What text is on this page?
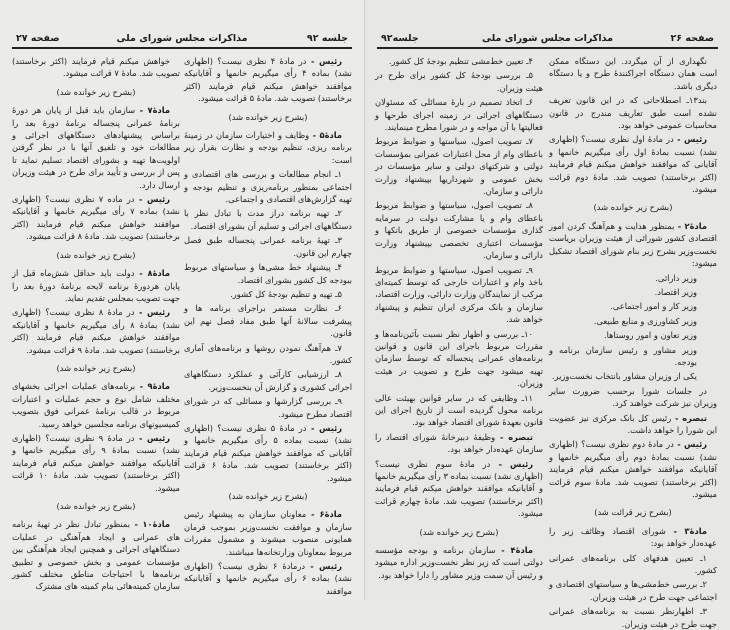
صفحه ۲۷	مذاکرات مجلس شورای ملی	جلسه ۹۲

رئیس - در مادهٔ ۴ نظری نیست؟ (اظهاری نشد) بماده ۴ رأی میگیریم خانمها و آقایانیکه موافقند خواهش میکنم قیام فرمایند (اکثر برخاستند) تصویب شد. مادهٔ ۵ قرائت میشود.

(بشرح زیر خوانده شد)

مادهٔ۵ - وظایف و اختیارات سازمان در زمینهٔ برنامه ریزی، تنظیم بودجه و نظارت بقرار زیر است:

۱ـ انجام مطالعات و بررسی های اقتصادی و اجتماعی بمنظور برنامه‌ریزی و تنظیم بودجه و تهیه گزارش‌های اقتصادی و اجتماعی.

۲ـ تهیه برنامه دراز مدت با تبادل نظر با دستگاههای اجرائی و تسلیم آن بشورای اقتصاد.

۳ـ تهیهٔ برنامه عمرانی پنجساله طبق فصل چهارم این قانون.

۴ـ پیشنهاد خط مشی‌ها و سیاستهای مربوط ببودجه کل کشور بشورای اقتصاد.

۵ـ تهیه و تنظیم بودجهٔ کل کشور.

۶ـ نظارت مستمر براجرای برنامه ها و پیشرفت سالانهٔ آنها طبق مفاد فصل نهم این قانون.

۷ـ هم‌آهنگ نمودن روشها و برنامه‌های آماری کشور.

۸ـ ارزشیابی کارآئی و عملکرد دستگاههای اجرائی کشوری و گزارش آن بنخست‌وزیر.

۹ـ بررسی گزارشها و مسائلی که در شورای اقتصاد مطرح میشود.

رئیس - در مادهٔ ۵ نظری نیست؟ (اظهاری نشد) نسبت بماده ۵ رأی میگیریم خانمها و آقایانی که موافقند خواهش میکنم قیام فرمایند (اکثر برخاستند) تصویب شد. مادهٔ ۶ قرائت میشود.

(بشرح زیر خوانده شد)

مادهٔ۶ - معاونان سازمان به پیشنهاد رئیس سازمان و موافقت نخست‌وزیر بموجب فرمان همایونی منصوب میشوند و مشمول مقررات مربوط بمعاونان وزارتخانه‌ها میباشند.

رئیس - درمادهٔ ۶ نظری نیست؟ (اظهاری نشد) بماده ۶ رأی میگیریم خانمها و آقایانیکه موافقند

خواهش میکنم قیام فرمایند (اکثر برخاستند) تصویب شد. مادهٔ ۷ قرائت میشود.

(بشرح زیر خوانده شد)

مادهٔ۷ - سازمان باید قبل از پایان هر دورهٔ برنامهٔ عمرانی پنجساله برنامهٔ دورهٔ بعد را براساس پیشنهادهای دستگاههای اجرائی و مطالعات خود و تلفیق آنها با در نظر گرفتن اولویت‌ها تهیه و بشورای اقتصاد تسلیم نماید تا پس از بررسی و تأیید برای طرح در هیئت وزیران ارسال دارد.

رئیس - در ماده ۷ نظری نیست؟ (اظهاری نشد) بماده ۷ رأی میگیریم خانمها و آقایانیکه موافقند خواهش میکنم قیام فرمایند (اکثر برخاستند) تصویب شد. مادهٔ ۸ قرائت میشود.

(بشرح زیر خوانده شد)

مادهٔ۸ - دولت باید حداقل شش‌ماه قبل از پایان هردورهٔ برنامه لایحه برنامهٔ دورهٔ بعد را جهت تصویب بمجلس تقدیم نماید.

رئیس - در مادهٔ ۸ نظری نیست؟ (اظهاری نشد) بمادهٔ ۸ رأی میگیریم خانمها و آقایانیکه موافقند خواهش میکنم قیام فرمایند (اکثر برخاستند) تصویب شد. مادهٔ ۹ قرائت میشود.

(بشرح زیر خوانده شد)

مادهٔ۹ - برنامه‌های عملیات اجرائی بخشهای مختلف شامل نوع و حجم عملیات و اعتبارات مربوط در قالب برنامهٔ عمرانی فوق بتصویب کمیسیونهای برنامه مجلسین خواهد رسید.

رئیس - در مادهٔ ۹ نظری نیست؟ (اظهاری نشد) نسبت بمادهٔ ۹ رأی میگیریم خانمها و آقایانیکه موافقند خواهش میکنم قیام فرمایند (اکثر برخاستند) تصویب شد. مادهٔ ۱۰ قرائت میشود.

(بشرح زیر خوانده شد)

مادهٔ۱۰ - بمنظور تبادل نظر در تهیهٔ برنامه های عمرانی و ایجاد هم‌آهنگی در عملیات دستگاههای اجرائی و همچنین ایجاد هم‌آهنگی بین مؤسسات عمومی و بخش خصوصی و تطبیق برنامه‌ها با احتیاجات مناطق مختلف کشور سازمان کمیته‌هائی بنام کمیته های مشترک

جلسه۹۲	مذاکرات مجلس شورای ملی	صفحه ۲۶

نگهداری از آن میگردد. این دستگاه ممکن است همان دستگاه اجراکنندهٔ طرح و یا دستگاه دیگری باشد.

بند۱۳ـ اصطلاحاتی که در این قانون تعریف نشده است طبق تعاریف مندرج در قانون محاسبات عمومی خواهد بود.

رئیس - در مادهٔ اول نظری نیست؟ (اظهاری نشد) نسبت بمادهٔ اول رأی میگیریم خانمها و آقایانی که موافقند خواهش میکنم قیام فرمایند (اکثر برخاستند) تصویب شد. مادهٔ دوم قرائت میشود.

(بشرح زیر خوانده شد)

مادهٔ۲ - بمنظور هدایت و هم‌آهنگ کردن امور اقتصادی کشور شورائی از هیئت وزیران بریاست نخست‌وزیر بشرح زیر بنام شورای اقتصاد تشکیل میشود:

وزیر دارائی.

وزیر اقتصاد.

وزیر کار و امور اجتماعی.

وزیر کشاورزی و منابع طبیعی.

وزیر تعاون و امور روستاها.

وزیر مشاور و رئیس سازمان برنامه و بودجه.

یکی از وزیران مشاور بانتخاب نخست‌وزیر.

در جلسات شورا برحسب ضرورت سایر وزیران نیز شرکت خواهند کرد.

تبصره - رئیس کل بانک مرکزی نیز عضویت این شورا را خواهد داشت.

رئیس - در مادهٔ دوم نظری نیست؟ (اظهاری نشد) نسبت بمادهٔ دوم رأی میگیریم خانمها و آقایانیکه موافقند خواهش میکنم قیام فرمایند (اکثر برخاستند) تصویب شد. مادهٔ سوم قرائت میشود.

(بشرح زیر قرائت شد)

مادهٔ۳ - شورای اقتصاد وظائف زیر را عهده‌دار خواهد بود:

۱ـ تعیین هدفهای کلی برنامه‌های عمرانی کشور.

۲ـ بررسی خط‌مشی‌ها و سیاستهای اقتصادی و اجتماعی جهت طرح در هیئت وزیران.

۳ـ اظهارنظر نسبت به برنامه‌های عمرانی جهت طرح در هیئت وزیران.

۴ـ تعیین خط‌مشی تنظیم بودجهٔ کل کشور.

۵ـ بررسی بودجهٔ کل کشور برای طرح در هیئت وزیران.

۶ـ اتخاذ تصمیم در بارهٔ مسائلی که مسئولان دستگاههای اجرائی در زمینه اجرای طرحها و فعالیتها با آن مواجه و در شورا مطرح مینمایند.

۷ـ تصویب اصول، سیاستها و ضوابط مربوط باعطای وام از محل اعتبارات عمرانی بمؤسسات دولتی و شرکتهای دولتی و سایر مؤسسات در بخش عمومی و شهرداریها بپیشنهاد وزارت دارائی و سازمان.

۸ـ تصویب اصول، سیاستها و ضوابط مربوط باعطای وام و یا مشارکت دولت در سرمایه گذاری مؤسسات خصوصی از طریق بانکها و مؤسسات اعتباری تخصصی بپیشنهاد وزارت دارائی و سازمان.

۹ـ تصویب اصول، سیاستها و ضوابط مربوط باخذ وام و اعتبارات خارجی که توسط کمیته‌ای مرکب از نمایندگان وزارت دارائی، وزارت اقتصاد، سازمان و بانک مرکزی ایران تنظیم و پیشنهاد خواهد شد.

۱۰ـ بررسی و اظهار نظر نسبت بآئین‌نامه‌ها و مقررات مربوط باجرای این قانون و قوانین برنامه‌های عمرانی پنجساله که توسط سازمان تهیه میشود جهت طرح و تصویب در هیئت وزیران.

۱۱ـ وظایفی که در سایر قوانین بهیئت عالی برنامه محول گردیده است از تاریخ اجرای این قانون بعهدهٔ شورای اقتصاد خواهد بود.

تبصره - وظیفهٔ دبیرخانهٔ شورای اقتصاد را سازمان عهده‌دار خواهد بود.

رئیس - در مادهٔ سوم نظری نیست؟ (اظهاری نشد) نسبت بماده ۳ رأی میگیریم خانمها و آقایانیکه موافقند خواهش میکنم قیام فرمایند (اکثر برخاستند) تصویب شد. مادهٔ چهارم قرائت میشود.

(بشرح زیر خوانده شد)

مادهٔ۴ - سازمان برنامه و بودجه مؤسسه دولتی است که زیر نظر نخست‌وزیر اداره میشود و رئیس آن سمت وزیر مشاور را دارا خواهد بود.
